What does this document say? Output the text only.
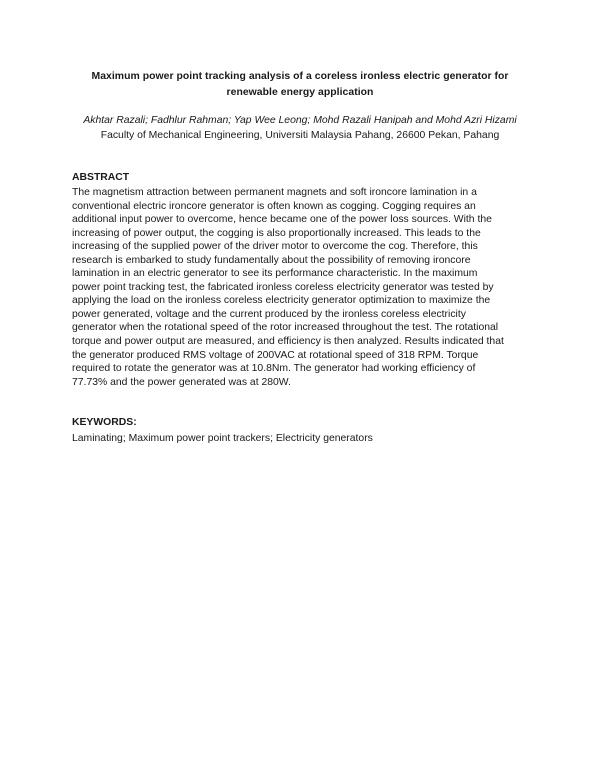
Maximum power point tracking analysis of a coreless ironless electric generator for
renewable energy application
Akhtar Razali; Fadhlur Rahman; Yap Wee Leong; Mohd Razali Hanipah and Mohd Azri Hizami
Faculty of Mechanical Engineering, Universiti Malaysia Pahang, 26600 Pekan, Pahang
ABSTRACT
The magnetism attraction between permanent magnets and soft ironcore lamination in a
conventional electric ironcore generator is often known as cogging. Cogging requires an
additional input power to overcome, hence became one of the power loss sources. With the
increasing of power output, the cogging is also proportionally increased. This leads to the
increasing of the supplied power of the driver motor to overcome the cog. Therefore, this
research is embarked to study fundamentally about the possibility of removing ironcore
lamination in an electric generator to see its performance characteristic. In the maximum
power point tracking test, the fabricated ironless coreless electricity generator was tested by
applying the load on the ironless coreless electricity generator optimization to maximize the
power generated, voltage and the current produced by the ironless coreless electricity
generator when the rotational speed of the rotor increased throughout the test. The rotational
torque and power output are measured, and efficiency is then analyzed. Results indicated that
the generator produced RMS voltage of 200VAC at rotational speed of 318 RPM. Torque
required to rotate the generator was at 10.8Nm. The generator had working efficiency of
77.73% and the power generated was at 280W.
KEYWORDS:
Laminating; Maximum power point trackers; Electricity generators
